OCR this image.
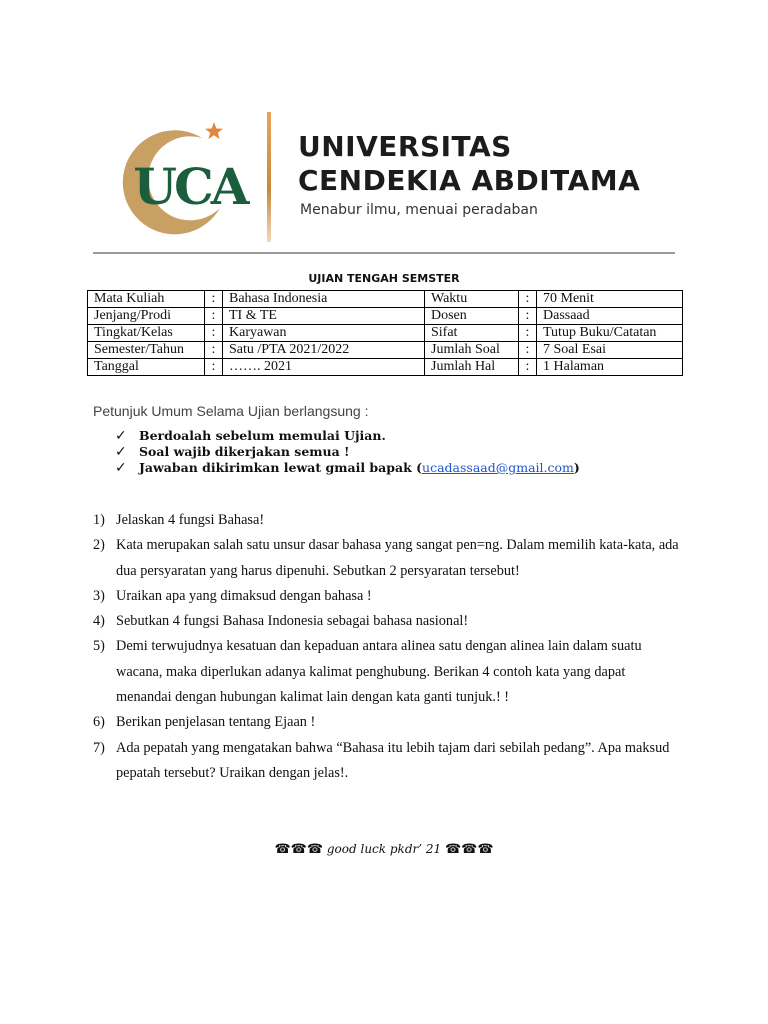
UCA
UNIVERSITAS
CENDEKIA ABDITAMA
Menabur ilmu, menuai peradaban
UJIAN TENGAH SEMSTER
Mata Kuliah	:	Bahasa Indonesia	Waktu	:	70 Menit
Jenjang/Prodi	:	TI & TE	Dosen	:	Dassaad
Tingkat/Kelas	:	Karyawan	Sifat	:	Tutup Buku/Catatan
Semester/Tahun	:	Satu /PTA 2021/2022	Jumlah Soal	:	7 Soal Esai
Tanggal	:	……. 2021	Jumlah Hal	:	1 Halaman
Petunjuk Umum Selama Ujian berlangsung :
✓ Berdoalah sebelum memulai Ujian.
✓ Soal wajib dikerjakan semua !
✓ Jawaban dikirimkan lewat gmail bapak (ucadassaad@gmail.com)
1) Jelaskan 4 fungsi Bahasa!
2) Kata merupakan salah satu unsur dasar bahasa yang sangat pen=ng. Dalam memilih kata-kata, ada dua persyaratan yang harus dipenuhi. Sebutkan 2 persyaratan tersebut!
3) Uraikan apa yang dimaksud dengan bahasa !
4) Sebutkan 4 fungsi Bahasa Indonesia sebagai bahasa nasional!
5) Demi terwujudnya kesatuan dan kepaduan antara alinea satu dengan alinea lain dalam suatu wacana, maka diperlukan adanya kalimat penghubung. Berikan 4 contoh kata yang dapat menandai dengan hubungan kalimat lain dengan kata ganti tunjuk.! !
6) Berikan penjelasan tentang Ejaan !
7) Ada pepatah yang mengatakan bahwa “Bahasa itu lebih tajam dari sebilah pedang”. Apa maksud pepatah tersebut? Uraikan dengan jelas!.
☎☎☎ good luck pkdr’ 21 ☎☎☎
